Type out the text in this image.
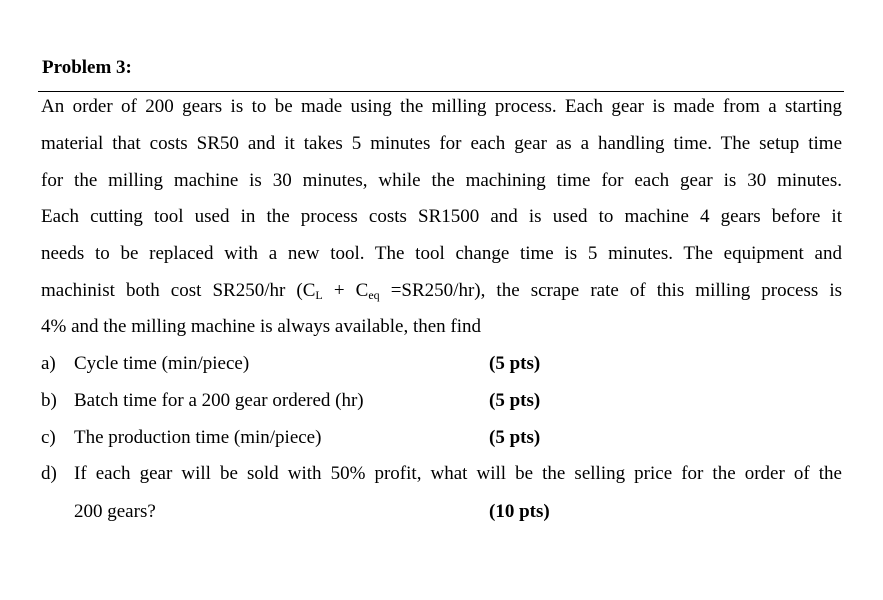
Problem 3:
An order of 200 gears is to be made using the milling process. Each gear is made from a starting
material that costs SR50 and it takes 5 minutes for each gear as a handling time. The setup time
for the milling machine is 30 minutes, while the machining time for each gear is 30 minutes.
Each cutting tool used in the process costs SR1500 and is used to machine 4 gears before it
needs to be replaced with a new tool. The tool change time is 5 minutes. The equipment and
machinist both cost SR250/hr $(C_L + C_{eq} =SR250/hr)$, the scrape rate of this milling process is
4% and the milling machine is always available, then find
a) Cycle time (min/piece)	(5 pts)
b) Batch time for a 200 gear ordered (hr)	(5 pts)
c) The production time (min/piece)	(5 pts)
d) If each gear will be sold with 50% profit, what will be the selling price for the order of the
200 gears?	(10 pts)
